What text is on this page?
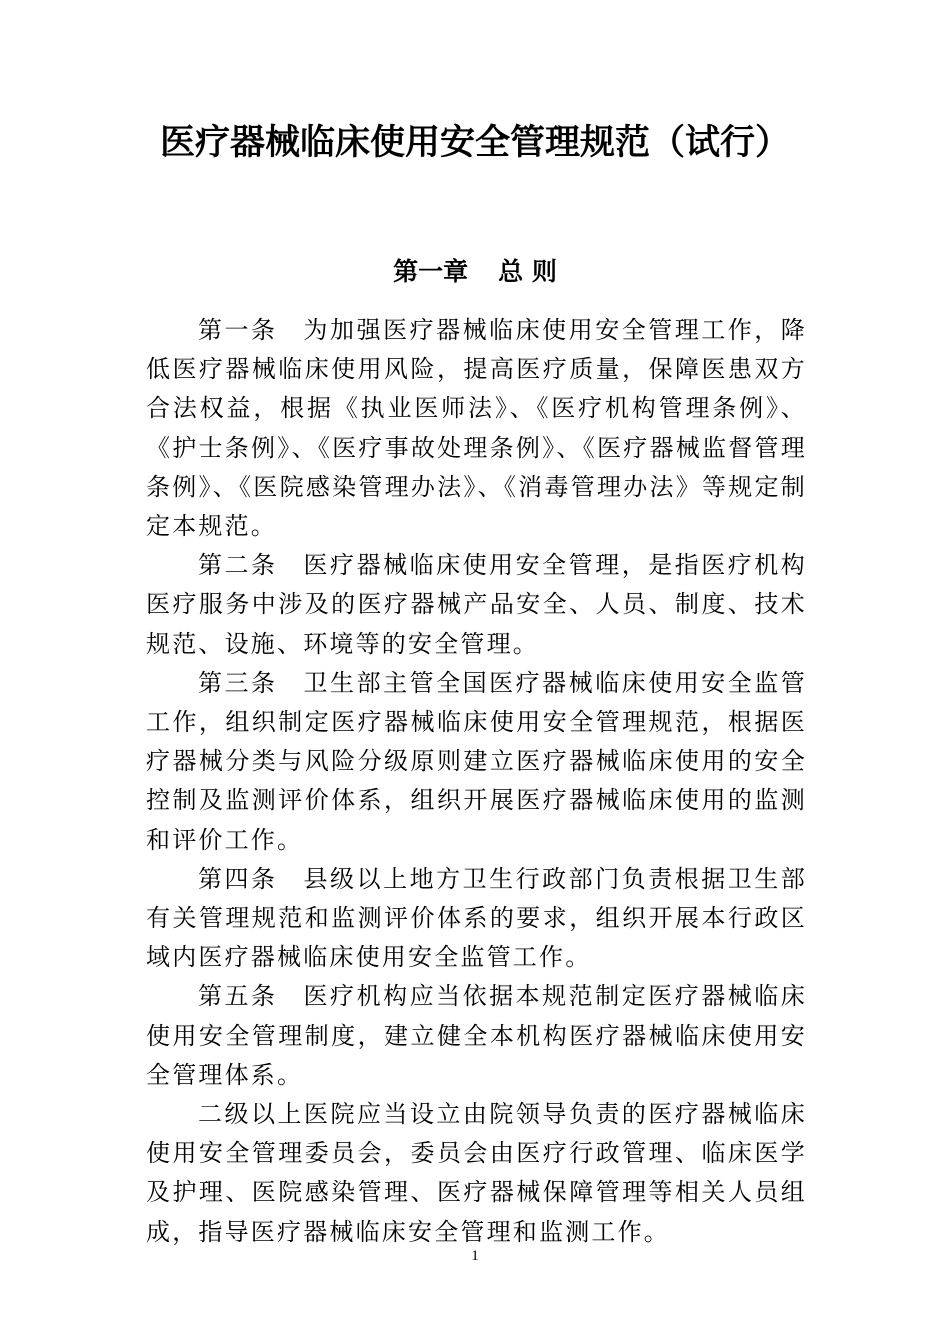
医疗器械临床使用安全管理规范（试行）
第一章 总 则

第一条 为加强医疗器械临床使用安全管理工作，降低医疗器械临床使用风险，提高医疗质量，保障医患双方合法权益，根据《执业医师法》、《医疗机构管理条例》、《护士条例》、《医疗事故处理条例》、《医疗器械监督管理条例》、《医院感染管理办法》、《消毒管理办法》等规定制定本规范。

第二条 医疗器械临床使用安全管理，是指医疗机构医疗服务中涉及的医疗器械产品安全、人员、制度、技术规范、设施、环境等的安全管理。

第三条 卫生部主管全国医疗器械临床使用安全监管工作，组织制定医疗器械临床使用安全管理规范，根据医疗器械分类与风险分级原则建立医疗器械临床使用的安全控制及监测评价体系，组织开展医疗器械临床使用的监测和评价工作。

第四条 县级以上地方卫生行政部门负责根据卫生部有关管理规范和监测评价体系的要求，组织开展本行政区域内医疗器械临床使用安全监管工作。

第五条 医疗机构应当依据本规范制定医疗器械临床使用安全管理制度，建立健全本机构医疗器械临床使用安全管理体系。

二级以上医院应当设立由院领导负责的医疗器械临床使用安全管理委员会，委员会由医疗行政管理、临床医学及护理、医院感染管理、医疗器械保障管理等相关人员组成，指导医疗器械临床安全管理和监测工作。

1
